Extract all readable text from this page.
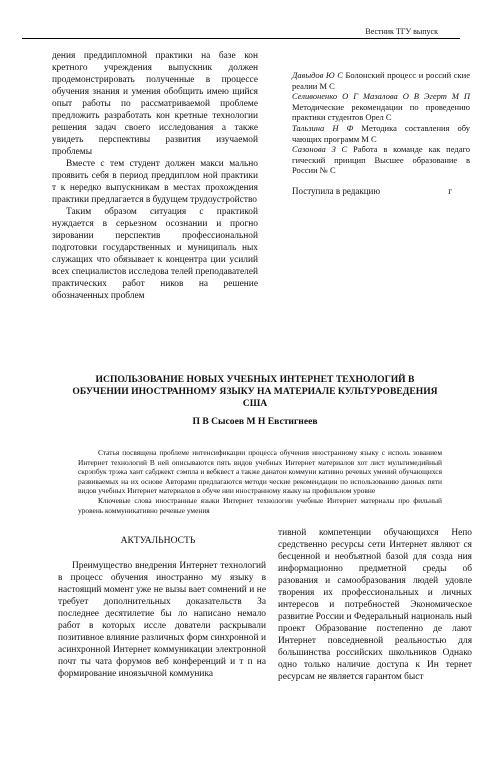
Вестник ТГУ выпуск

дения преддипломной практики на базе кон кретного учреждения выпускник должен продемонстрировать полученные в процессе обучения знания и умения обобщить имею щийся опыт работы по рассматриваемой проблеме предложить разработать кон кретные технологии решения задач своего исследования а также увидеть перспективы развития изучаемой проблемы

Вместе с тем студент должен макси мально проявить себя в период преддиплом ной практики т к нередко выпускникам в местах прохождения практики предлагается в будущем трудоустройство

Таким образом ситуация с практикой нуждается в серьезном осознании и прогно зировании перспектив профессиональной подготовки государственных и муниципаль ных служащих что обязывает к концентра ции усилий всех специалистов исследова телей преподавателей практических работ ников на решение обозначенных проблем

Давыдов Ю С Болонский процесс и россий ские реалии М С

Селивоненко О Г Мазалова О В Эгерт М П Методические рекомендации по проведению практики студентов Орел С

Тальзина Н Ф Методика составления обу чающих программ М С

Сазонова З С Работа в команде как педаго гический принцип Высшее образование в России № С

Поступила в редакцию	г
ИСПОЛЬЗОВАНИЕ НОВЫХ УЧЕБНЫХ ИНТЕРНЕТ ТЕХНОЛОГИЙ В ОБУЧЕНИИ ИНОСТРАННОМУ ЯЗЫКУ НА МАТЕРИАЛЕ КУЛЬТУРОВЕДЕНИЯ США
П В Сысоев М Н Евстигнеев

Статья посвящена проблеме интенсификации процесса обучения иностранному языку с исполь зованием Интернет технологий В ней описываются пять видов учебных Интернет материалов хот лист мультимедийный скрэпбук трэжа хант сабджект сэмпла и вебквест а также данатон коммуни кативно речевых умений обучающихся развиваемых на их основе Авторами предлагаются методи ческие рекомендации по использованию данных пяти видов учебных Интернет материалов в обуче нии иностранному языку на профильном уровне

Ключевые слова иностранные языки Интернет технологии учебные Интернет материалы про фильный уровень коммуникативно речевые умения

АКТУАЛЬНОСТЬ

Преимущество внедрения Интернет технологий в процесс обучения иностранно му языку в настоящий момент уже не вызы вает сомнений и не требует дополнительных доказательств За последнее десятилетие бы ло написано немало работ в которых иссле дователи раскрывали позитивное влияние различных форм синхронной и асинхронной Интернет коммуникации электронной почт ты чата форумов веб конференций и т п на формирование иноязычной коммуника

тивной компетенции обучающихся Непо средственно ресурсы сети Интернет являют ся бесценной и необъятной базой для создa ния информационно предметной среды об разования и самообразования людей удовле творения их профессиональных и личных интересов и потребностей Экономическое развитие России и Федеральный националь ный проект Образование постепенно де лают Интернет повседневной реальностью для большинства российских школьников Однако одно только наличие доступа к Ин тернет ресурсам не является гарантом быст
